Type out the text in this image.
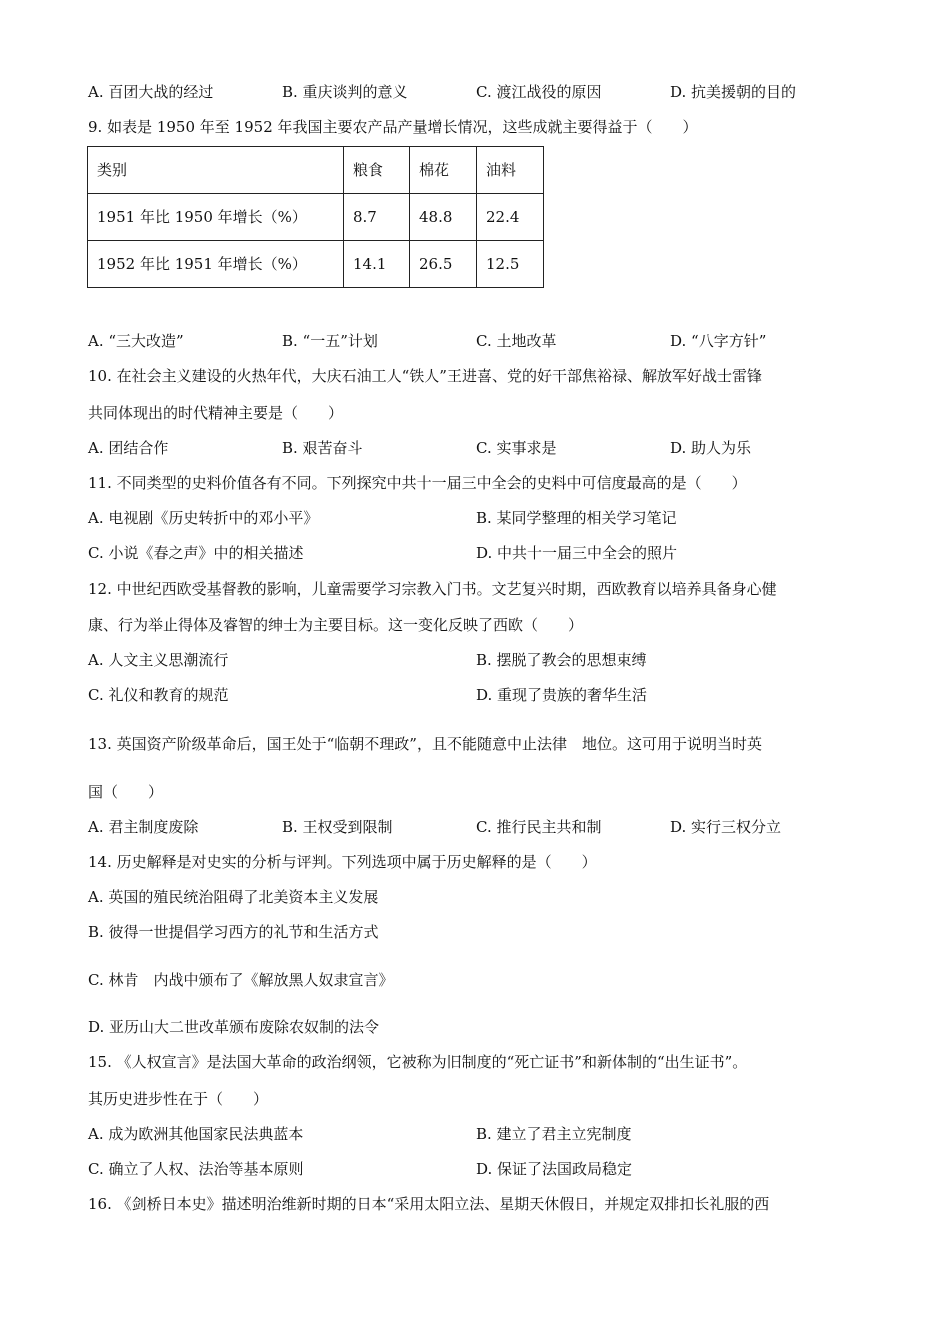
A. 百团大战的经过	B. 重庆谈判的意义	C. 渡江战役的原因	D. 抗美援朝的目的
9. 如表是 1950 年至 1952 年我国主要农产品产量增长情况，这些成就主要得益于（　　）
类别	粮食	棉花	油料
1951 年比 1950 年增长（%）	8.7	48.8	22.4
1952 年比 1951 年增长（%）	14.1	26.5	12.5
A. “三大改造”	B. “一五”计划	C. 土地改革	D. “八字方针”
10. 在社会主义建设的火热年代，大庆石油工人“铁人”王进喜、党的好干部焦裕禄、解放军好战士雷锋
共同体现出的时代精神主要是（　　）
A. 团结合作	B. 艰苦奋斗	C. 实事求是	D. 助人为乐
11. 不同类型的史料价值各有不同。下列探究中共十一届三中全会的史料中可信度最高的是（　　）
A. 电视剧《历史转折中的邓小平》	B. 某同学整理的相关学习笔记
C. 小说《春之声》中的相关描述	D. 中共十一届三中全会的照片
12. 中世纪西欧受基督教的影响，儿童需要学习宗教入门书。文艺复兴时期，西欧教育以培养具备身心健
康、行为举止得体及睿智的绅士为主要目标。这一变化反映了西欧（　　）
A. 人文主义思潮流行	B. 摆脱了教会的思想束缚
C. 礼仪和教育的规范	D. 重现了贵族的奢华生活
13. 英国资产阶级革命后，国王处于“临朝不理政”，且不能随意中止法律　地位。这可用于说明当时英
国（　　）
A. 君主制度废除	B. 王权受到限制	C. 推行民主共和制	D. 实行三权分立
14. 历史解释是对史实的分析与评判。下列选项中属于历史解释的是（　　）
A. 英国的殖民统治阻碍了北美资本主义发展
B. 彼得一世提倡学习西方的礼节和生活方式
C. 林肯　内战中颁布了《解放黑人奴隶宣言》
D. 亚历山大二世改革颁布废除农奴制的法令
15. 《人权宣言》是法国大革命的政治纲领，它被称为旧制度的“死亡证书”和新体制的“出生证书”。
其历史进步性在于（　　）
A. 成为欧洲其他国家民法典蓝本	B. 建立了君主立宪制度
C. 确立了人权、法治等基本原则	D. 保证了法国政局稳定
16. 《剑桥日本史》描述明治维新时期的日本“采用太阳立法、星期天休假日，并规定双排扣长礼服的西
